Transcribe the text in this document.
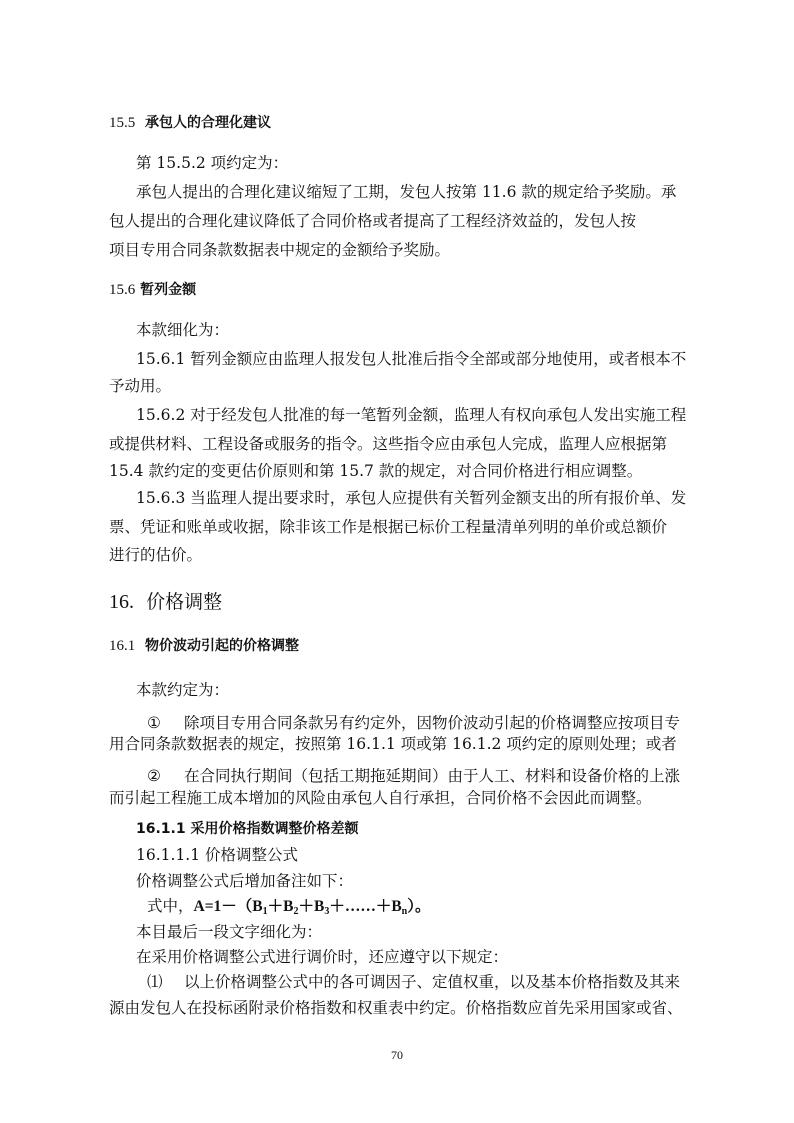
15.5 承包人的合理化建议
第 15.5.2 项约定为：
承包人提出的合理化建议缩短了工期，发包人按第 11.6 款的规定给予奖励。承
包人提出的合理化建议降低了合同价格或者提高了工程经济效益的，发包人按
项目专用合同条款数据表中规定的金额给予奖励。
15.6 暂列金额
本款细化为：
15.6.1 暂列金额应由监理人报发包人批准后指令全部或部分地使用，或者根本不
予动用。
15.6.2 对于经发包人批准的每一笔暂列金额，监理人有权向承包人发出实施工程
或提供材料、工程设备或服务的指令。这些指令应由承包人完成，监理人应根据第
15.4 款约定的变更估价原则和第 15.7 款的规定，对合同价格进行相应调整。
15.6.3 当监理人提出要求时，承包人应提供有关暂列金额支出的所有报价单、发
票、凭证和账单或收据，除非该工作是根据已标价工程量清单列明的单价或总额价
进行的估价。
16. 价格调整
16.1 物价波动引起的价格调整
本款约定为：
① 除项目专用合同条款另有约定外，因物价波动引起的价格调整应按项目专
用合同条款数据表的规定，按照第 16.1.1 项或第 16.1.2 项约定的原则处理；或者
② 在合同执行期间（包括工期拖延期间）由于人工、材料和设备价格的上涨
而引起工程施工成本增加的风险由承包人自行承担，合同价格不会因此而调整。
16.1.1 采用价格指数调整价格差额
16.1.1.1 价格调整公式
价格调整公式后增加备注如下：
式中，$A=1-(B_1+B_2+B_3+\dots\dots+B_n)$。
本目最后一段文字细化为：
在采用价格调整公式进行调价时，还应遵守以下规定：
⑴ 以上价格调整公式中的各可调因子、定值权重，以及基本价格指数及其来
源由发包人在投标函附录价格指数和权重表中约定。价格指数应首先采用国家或省、
70
